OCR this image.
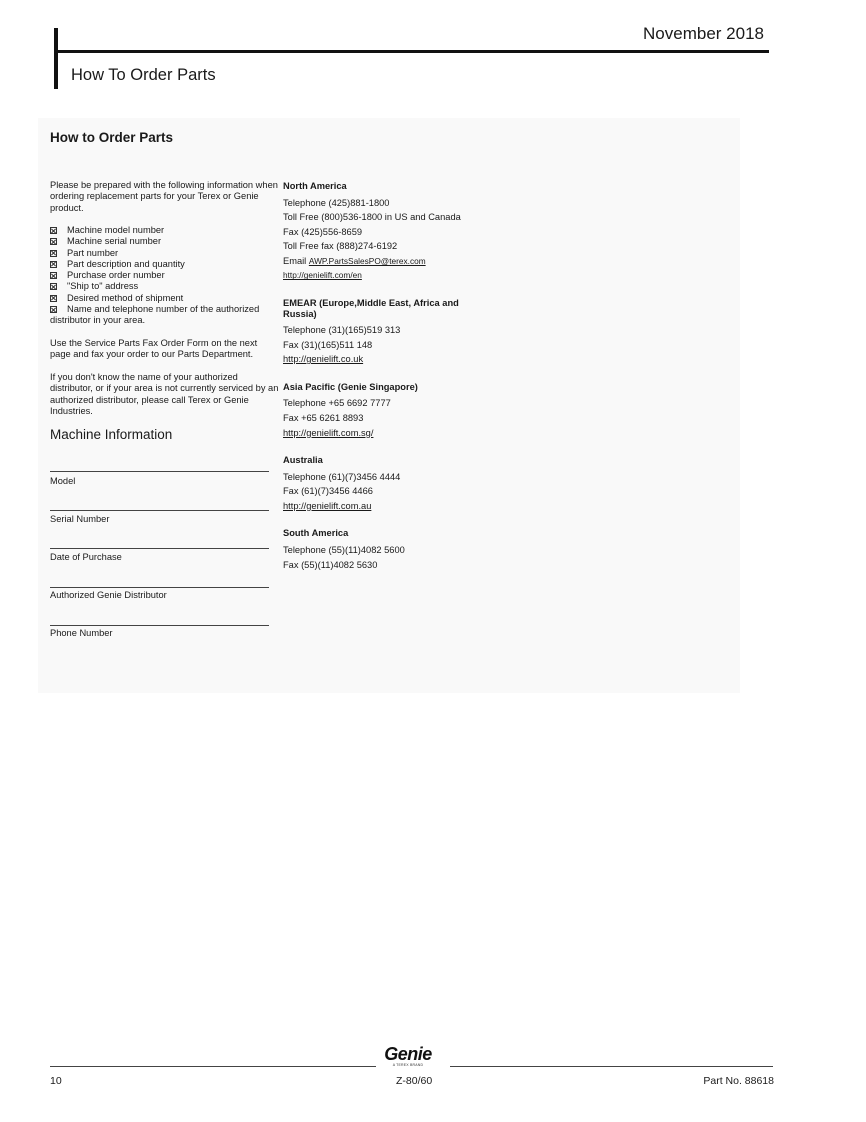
November 2018
How To Order Parts
How to Order Parts

Please be prepared with the following information when ordering replacement parts for your Terex or Genie product.

Machine model number
Machine serial number
Part number
Part description and quantity
Purchase order number
"Ship to" address
Desired method of shipment
Name and telephone number of the authorized distributor in your area.

Use the Service Parts Fax Order Form on the next page and fax your order to our Parts Department.

If you don't know the name of your authorized distributor, or if your area is not currently serviced by an authorized distributor, please call Terex or Genie Industries.

Machine Information
Model
Serial Number
Date of Purchase
Authorized Genie Distributor
Phone Number
North America
Telephone (425)881-1800
Toll Free (800)536-1800 in US and Canada
Fax (425)556-8659
Toll Free fax (888)274-6192
Email AWP.PartsSalesPO@terex.com
http://genielift.com/en
EMEAR (Europe,Middle East, Africa and Russia)
Telephone (31)(165)519 313
Fax (31)(165)511 148
http://genielift.co.uk
Asia Pacific (Genie Singapore)
Telephone +65 6692 7777
Fax +65 6261 8893
http://genielift.com.sg/
Australia
Telephone (61)(7)3456 4444
Fax (61)(7)3456 4466
http://genielift.com.au
South America
Telephone (55)(11)4082 5600
Fax (55)(11)4082 5630
Genie
A TEREX BRAND
10	Z-80/60	Part No. 88618
